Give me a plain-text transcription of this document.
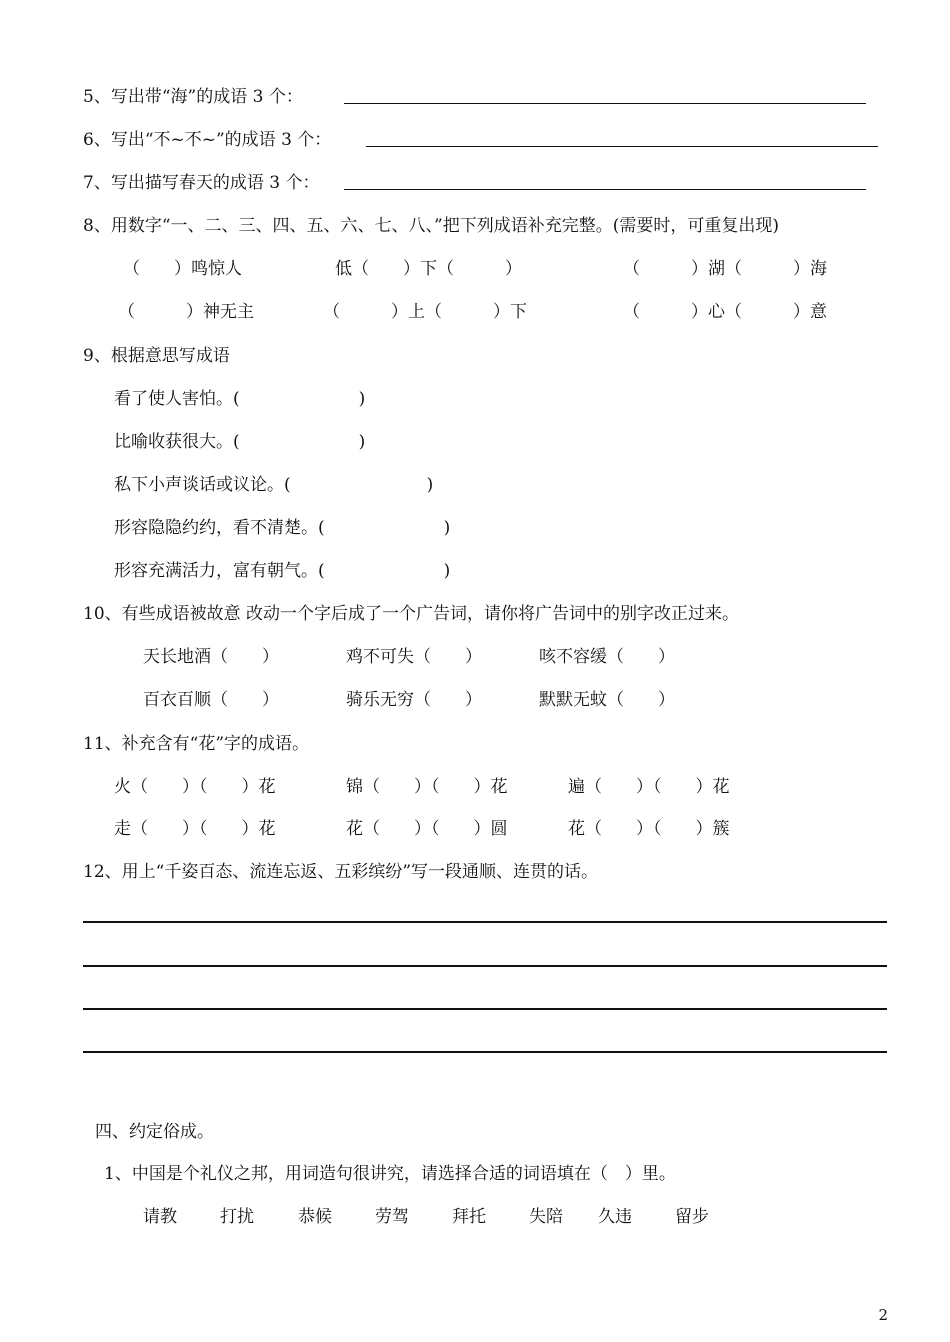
5、写出带“海”的成语 3 个：
6、写出“不~不~”的成语 3 个：
7、写出描写春天的成语 3 个：
8、用数字“一、二、三、四、五、六、七、八、”把下列成语补充完整。(需要时，可重复出现)
（　　）鸣惊人	低（　　）下（　　　）	（　　　）湖（　　　）海
（　　　）神无主	（　　　）上（　　　）下	（　　　）心（　　　）意
9、根据意思写成语
看了使人害怕。(　　　　　　　)
比喻收获很大。(　　　　　　　)
私下小声谈话或议论。(　　　　　　　　)
形容隐隐约约，看不清楚。(　　　　　　　)
形容充满活力，富有朝气。(　　　　　　　)
10、有些成语被故意 改动一个字后成了一个广告词，请你将广告词中的别字改正过来。
天长地酒（　　）	鸡不可失（　　）	咳不容缓（　　）
百衣百顺（　　）	骑乐无穷（　　）	默默无蚊（　　）
11、补充含有“花”字的成语。
火（　　）（　　）花	锦（　　）（　　）花	遍（　　）（　　）花
走（　　）（　　）花	花（　　）（　　）圆	花（　　）（　　）簇
12、用上“千姿百态、流连忘返、五彩缤纷”写一段通顺、连贯的话。
四、约定俗成。
1、中国是个礼仪之邦，用词造句很讲究，请选择合适的词语填在（　）里。
请教	打扰	恭候	劳驾	拜托	失陪 久违	留步
2
